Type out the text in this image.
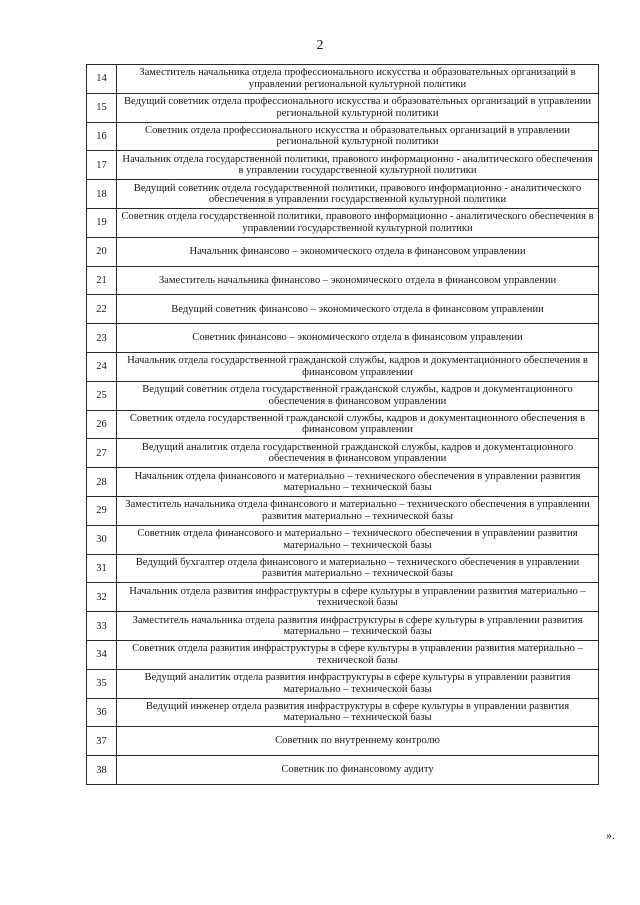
2
14	Заместитель начальника отдела профессионального искусства и образовательных организаций в управлении региональной культурной политики
15	Ведущий советник отдела профессионального искусства и образовательных организаций в управлении региональной культурной политики
16	Советник отдела профессионального искусства и образовательных организаций в управлении региональной культурной политики
17	Начальник отдела государственной политики, правового информационно - аналитического обеспечения в управлении государственной культурной политики
18	Ведущий советник отдела государственной политики, правового информационно - аналитического обеспечения в управлении государственной культурной политики
19	Советник отдела государственной политики, правового информационно - аналитического обеспечения в управлении государственной культурной политики
20	Начальник финансово – экономического отдела в финансовом управлении
21	Заместитель начальника финансово – экономического отдела в финансовом управлении
22	Ведущий советник финансово – экономического отдела в финансовом управлении
23	Советник финансово – экономического отдела в финансовом управлении
24	Начальник отдела государственной гражданской службы, кадров и документационного обеспечения в финансовом управлении
25	Ведущий советник отдела государственной гражданской службы, кадров и документационного обеспечения в финансовом управлении
26	Советник отдела государственной гражданской службы, кадров и документационного обеспечения в финансовом управлении
27	Ведущий аналитик отдела государственной гражданской службы, кадров и документационного обеспечения в финансовом управлении
28	Начальник отдела финансового и материально – технического обеспечения в управлении развития материально – технической базы
29	Заместитель начальника отдела финансового и материально – технического обеспечения в управлении развития материально – технической базы
30	Советник отдела финансового и материально – технического обеспечения в управлении развития материально – технической базы
31	Ведущий бухгалтер отдела финансового и материально – технического обеспечения в управлении развития материально – технической базы
32	Начальник отдела развития инфраструктуры в сфере культуры в управлении развития материально – технической базы
33	Заместитель начальника отдела развития инфраструктуры в сфере культуры в управлении развития материально – технической базы
34	Советник отдела развития инфраструктуры в сфере культуры в управлении развития материально – технической базы
35	Ведущий аналитик отдела развития инфраструктуры в сфере культуры в управлении развития материально – технической базы
36	Ведущий инженер отдела развития инфраструктуры в сфере культуры в управлении развития материально – технической базы
37	Советник по внутреннему контролю
38	Советник по финансовому аудиту
».
